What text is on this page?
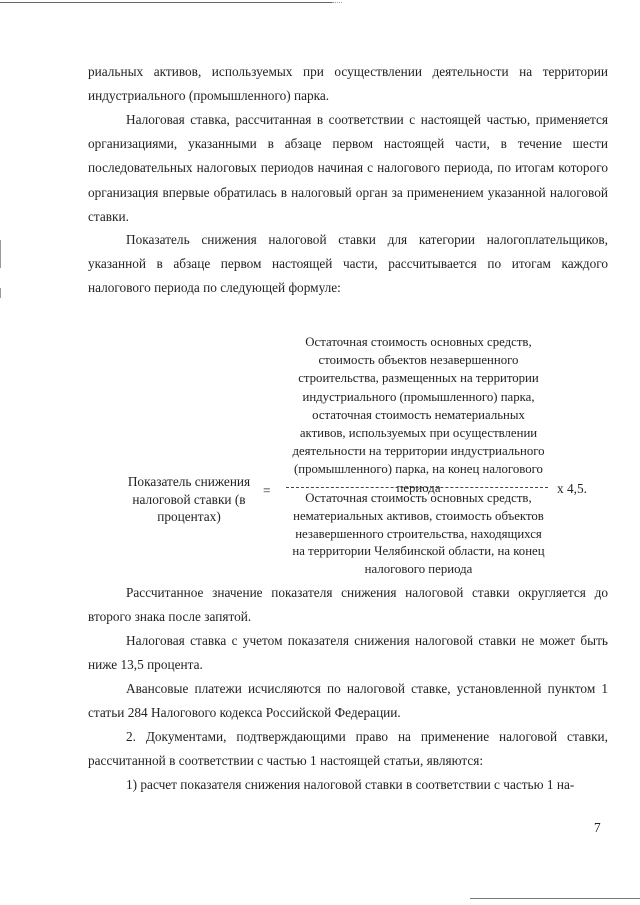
риальных активов, используемых при осуществлении деятельности на территории индустриального (промышленного) парка.

Налоговая ставка, рассчитанная в соответствии с настоящей частью, применяется организациями, указанными в абзаце первом настоящей части, в течение шести последовательных налоговых периодов начиная с налогового периода, по итогам которого организация впервые обратилась в налоговый орган за применением указанной налоговой ставки.

Показатель снижения налоговой ставки для категории налогоплательщиков, указанной в абзаце первом настоящей части, рассчитывается по итогам каждого налогового периода по следующей формуле:

Показатель снижения налоговой ставки (в процентах)
=
Остаточная стоимость основных средств, стоимость объектов незавершенного строительства, размещенных на территории индустриального (промышленного) парка, остаточная стоимость нематериальных активов, используемых при осуществлении деятельности на территории индустриального (промышленного) парка, на конец налогового периода
Остаточная стоимость основных средств, нематериальных активов, стоимость объектов незавершенного строительства, находящихся на территории Челябинской области, на конец налогового периода
x 4,5.

Рассчитанное значение показателя снижения налоговой ставки округляется до второго знака после запятой.

Налоговая ставка с учетом показателя снижения налоговой ставки не может быть ниже 13,5 процента.

Авансовые платежи исчисляются по налоговой ставке, установленной пунктом 1 статьи 284 Налогового кодекса Российской Федерации.

2. Документами, подтверждающими право на применение налоговой ставки, рассчитанной в соответствии с частью 1 настоящей статьи, являются:

1) расчет показателя снижения налоговой ставки в соответствии с частью 1 на-

7
